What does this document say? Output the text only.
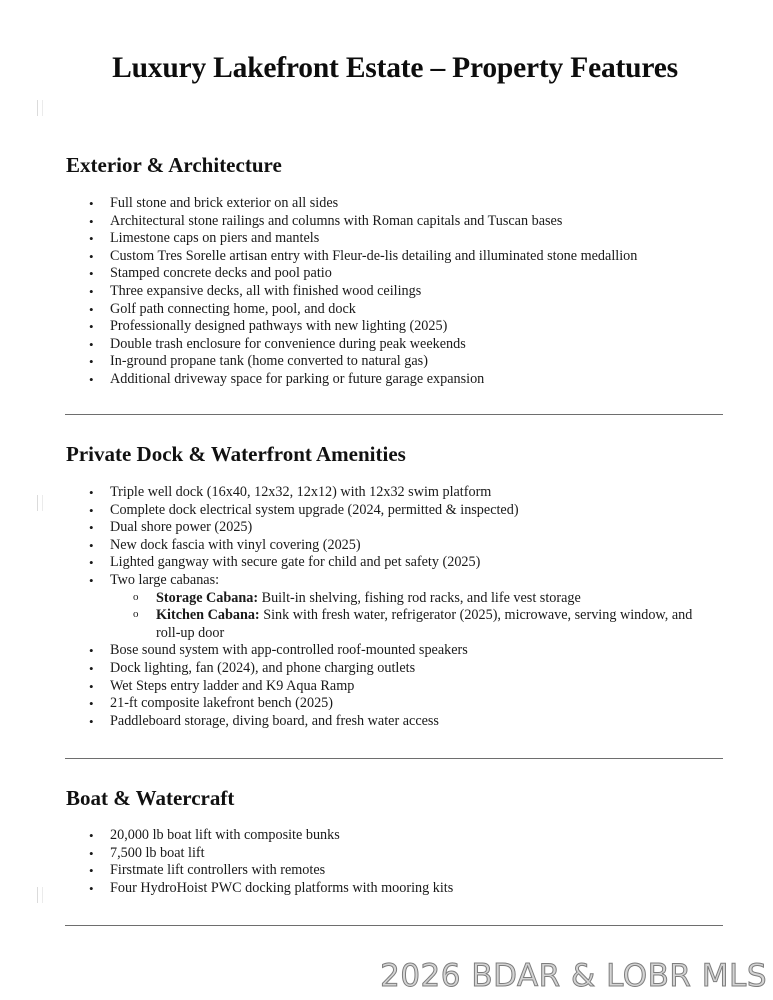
Luxury Lakefront Estate – Property Features
Exterior & Architecture
• Full stone and brick exterior on all sides
• Architectural stone railings and columns with Roman capitals and Tuscan bases
• Limestone caps on piers and mantels
• Custom Tres Sorelle artisan entry with Fleur-de-lis detailing and illuminated stone medallion
• Stamped concrete decks and pool patio
• Three expansive decks, all with finished wood ceilings
• Golf path connecting home, pool, and dock
• Professionally designed pathways with new lighting (2025)
• Double trash enclosure for convenience during peak weekends
• In-ground propane tank (home converted to natural gas)
• Additional driveway space for parking or future garage expansion
Private Dock & Waterfront Amenities
• Triple well dock (16x40, 12x32, 12x12) with 12x32 swim platform
• Complete dock electrical system upgrade (2024, permitted & inspected)
• Dual shore power (2025)
• New dock fascia with vinyl covering (2025)
• Lighted gangway with secure gate for child and pet safety (2025)
• Two large cabanas:
o Storage Cabana: Built-in shelving, fishing rod racks, and life vest storage
o Kitchen Cabana: Sink with fresh water, refrigerator (2025), microwave, serving window, and roll-up door
• Bose sound system with app-controlled roof-mounted speakers
• Dock lighting, fan (2024), and phone charging outlets
• Wet Steps entry ladder and K9 Aqua Ramp
• 21-ft composite lakefront bench (2025)
• Paddleboard storage, diving board, and fresh water access
Boat & Watercraft
• 20,000 lb boat lift with composite bunks
• 7,500 lb boat lift
• Firstmate lift controllers with remotes
• Four HydroHoist PWC docking platforms with mooring kits
2026 BDAR & LOBR MLS
